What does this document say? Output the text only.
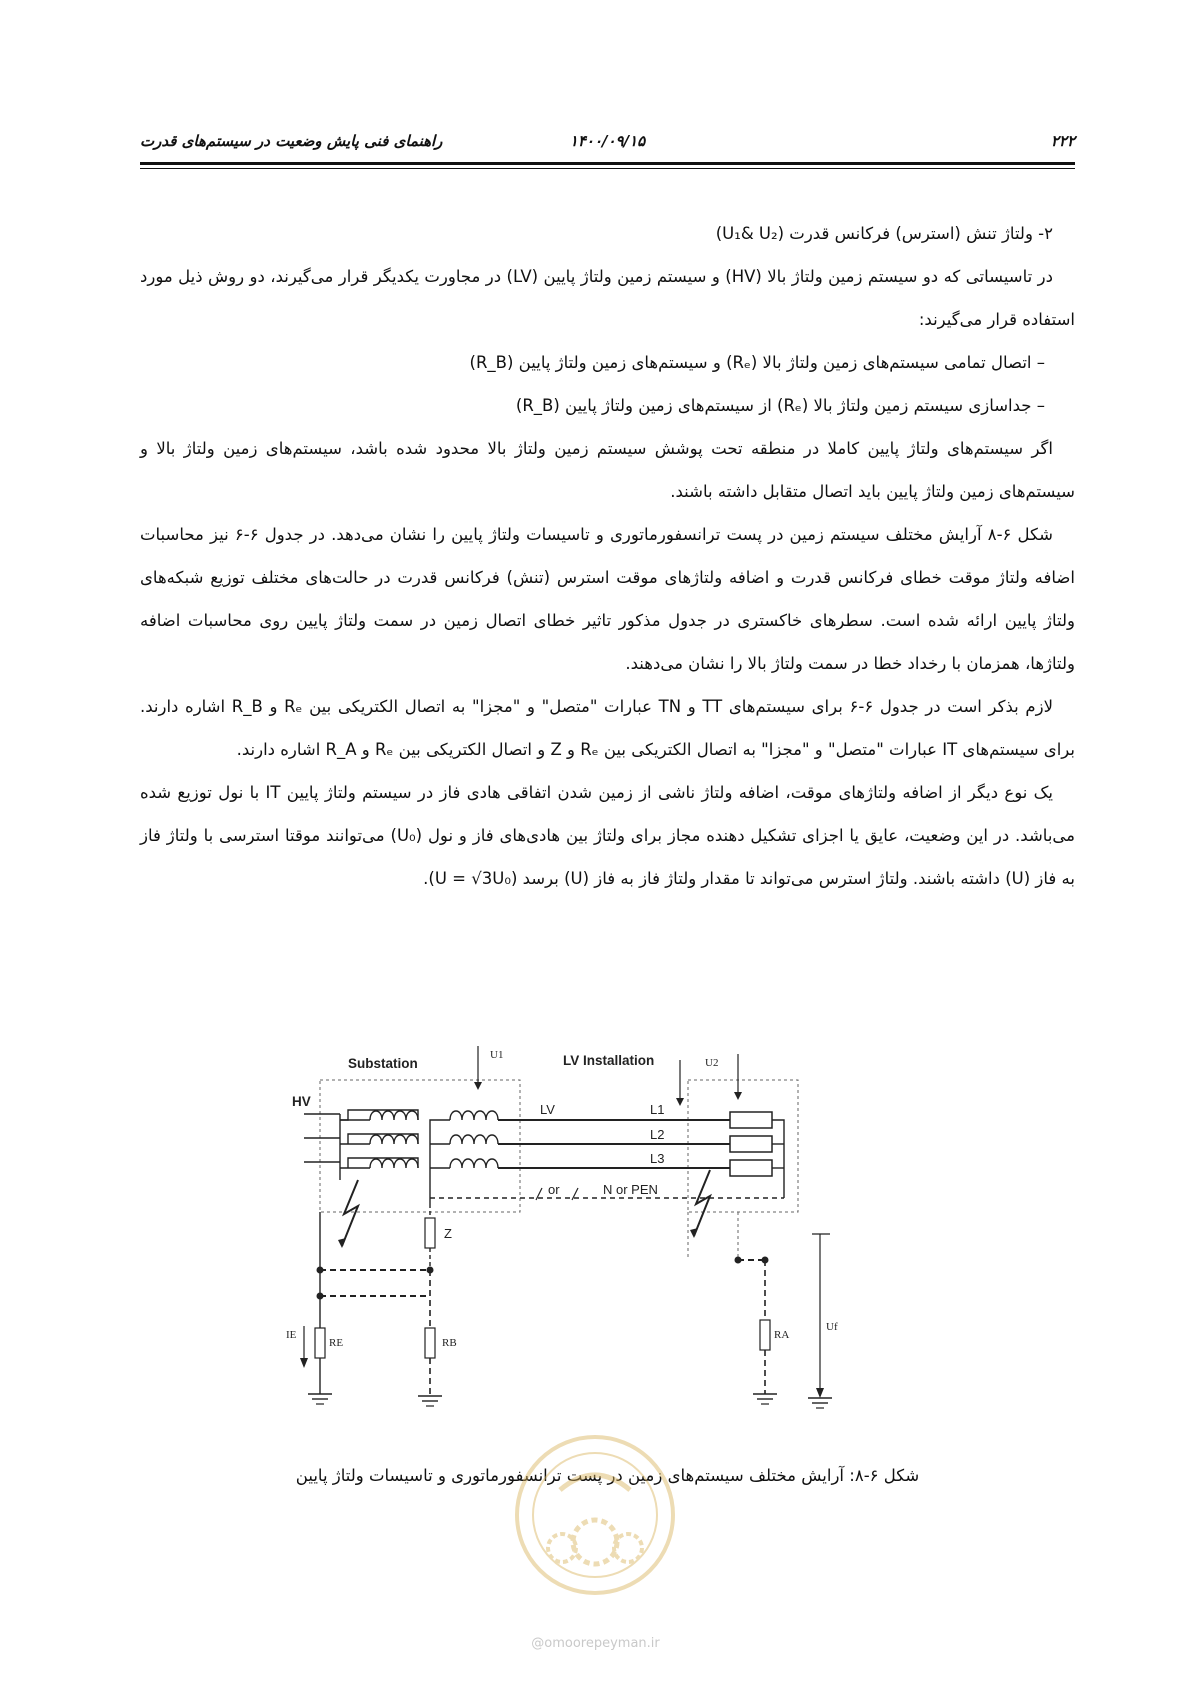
۲۲۲
۱۴۰۰/۰۹/۱۵
راهنمای فنی پایش وضعیت در سیستم‌های قدرت

۲- ولتاژ تنش (استرس) فرکانس قدرت (U₁& U₂)

در تاسیساتی که دو سیستم زمین ولتاژ بالا (HV) و سیستم زمین ولتاژ پایین (LV) در مجاورت یکدیگر قرار می‌گیرند، دو روش ذیل مورد استفاده قرار می‌گیرند:

– اتصال تمامی سیستم‌های زمین ولتاژ بالا (Rₑ) و سیستم‌های زمین ولتاژ پایین (R_B)

– جداسازی سیستم زمین ولتاژ بالا (Rₑ) از سیستم‌های زمین ولتاژ پایین (R_B)

اگر سیستم‌های ولتاژ پایین کاملا در منطقه تحت پوشش سیستم زمین ولتاژ بالا محدود شده باشد، سیستم‌های زمین ولتاژ بالا و سیستم‌های زمین ولتاژ پایین باید اتصال متقابل داشته باشند.

شکل ۶-۸ آرایش مختلف سیستم زمین در پست ترانسفورماتوری و تاسیسات ولتاژ پایین را نشان می‌دهد. در جدول ۶-۶ نیز محاسبات اضافه ولتاژ موقت خطای فرکانس قدرت و اضافه ولتاژهای موقت استرس (تنش) فرکانس قدرت در حالت‌های مختلف توزیع شبکه‌های ولتاژ پایین ارائه شده است. سطرهای خاکستری در جدول مذکور تاثیر خطای اتصال زمین در سمت ولتاژ پایین روی محاسبات اضافه ولتاژها، همزمان با رخداد خطا در سمت ولتاژ بالا را نشان می‌دهند.

لازم بذکر است در جدول ۶-۶ برای سیستم‌های TT و TN عبارات "متصل" و "مجزا" به اتصال الکتریکی بین Rₑ و R_B اشاره دارند. برای سیستم‌های IT عبارات "متصل" و "مجزا" به اتصال الکتریکی بین Rₑ و Z و اتصال الکتریکی بین Rₑ و R_A اشاره دارند.

یک نوع دیگر از اضافه ولتاژهای موقت، اضافه ولتاژ ناشی از زمین شدن اتفاقی هادی فاز در سیستم ولتاژ پایین IT با نول توزیع شده می‌باشد. در این وضعیت، عایق یا اجزای تشکیل دهنده مجاز برای ولتاژ بین هادی‌های فاز و نول (U₀) می‌توانند موقتا استرسی با ولتاژ فاز به فاز (U) داشته باشند. ولتاژ استرس می‌تواند تا مقدار ولتاژ فاز به فاز (U) برسد (U = √3U₀).

Substation	LV Installation
U1
U2
HV
LV	L1
L2
L3
or	N or PEN
Z
RE
IE
RB
RA
Uf
شکل ۶-۸: آرایش مختلف سیستم‌های زمین در پست ترانسفورماتوری و تاسیسات ولتاژ پایین
@omoorepeyman.ir
